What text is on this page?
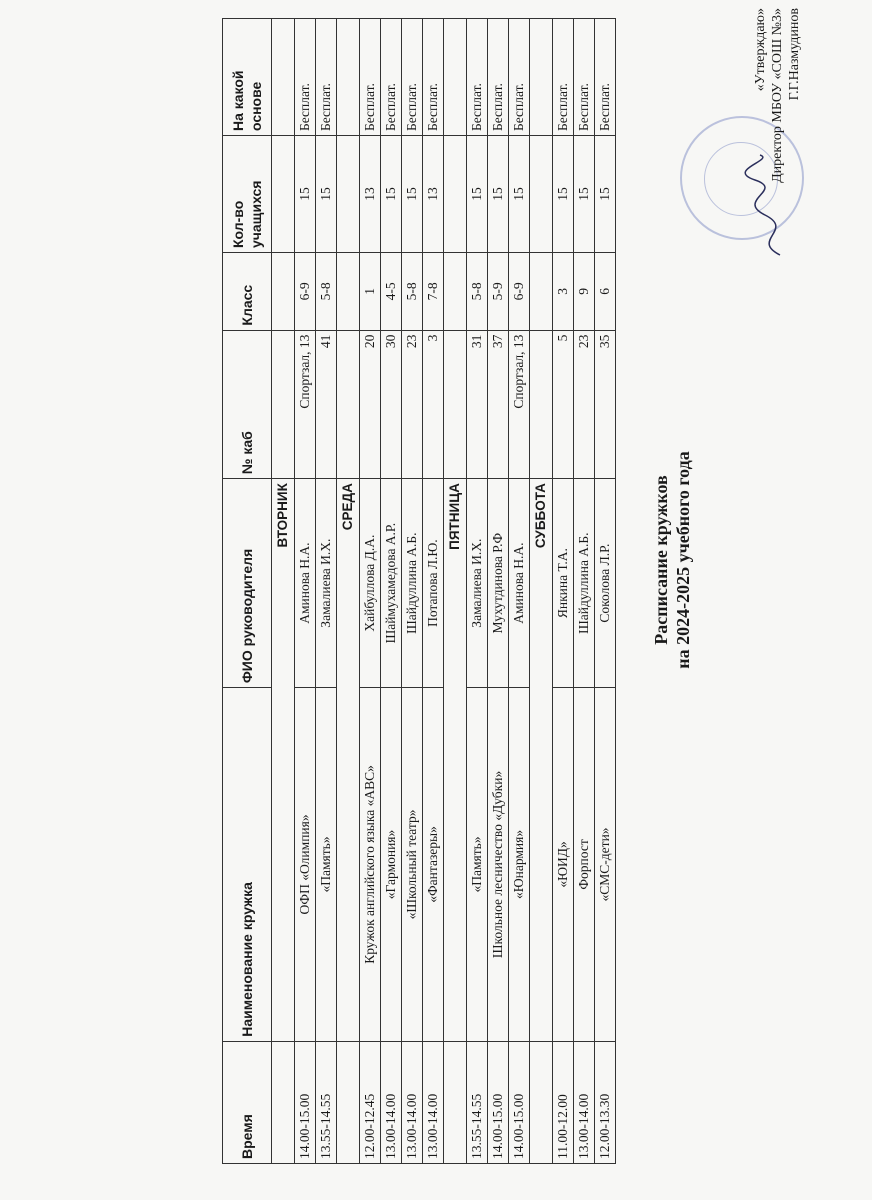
«Утверждаю» Директор МБОУ «СОШ №3» Г.Г.Назмудинов
Расписание кружков на 2024-2025 учебного года
Время	Наименование кружка	ФИО руководителя	№ каб	Класс	Кол-во учащихся	На какой основе
	ВТОРНИК					
14.00-15.00	ОФП «Олимпия»	Аминова Н.А.	Спортзал, 13	6-9	15	Бесплат.
13.55-14.55	«Память»	Замалиева И.Х.	41	5-8	15	Бесплат.
	СРЕДА					
12.00-12.45	Кружок английского языка «АВС»	Хайбуллова Д.А.	20	1	13	Бесплат.
13.00-14.00	«Гармония»	Шаймухамедова А.Р.	30	4-5	15	Бесплат.
13.00-14.00	«Школьный театр»	Шайдуллина А.Б.	23	5-8	15	Бесплат.
13.00-14.00	«Фантазеры»	Потапова Л.Ю.	3	7-8	13	Бесплат.
	ПЯТНИЦА					
13.55-14.55	«Память»	Замалиева И.Х.	31	5-8	15	Бесплат.
14.00-15.00	Школьное лесничество «Дубки»	Мухутдинова Р.Ф	37	5-9	15	Бесплат.
14.00-15.00	«Юнармия»	Аминова Н.А.	Спортзал, 13	6-9	15	Бесплат.
	СУББОТА					
11.00-12.00	«ЮИД»	Янкина Т.А.	5	3	15	Бесплат.
13.00-14.00	Форпост	Шайдуллина А.Б.	23	9	15	Бесплат.
12.00-13.30	«СМС-дети»	Соколова Л.Р.	35	6	15	Бесплат.
